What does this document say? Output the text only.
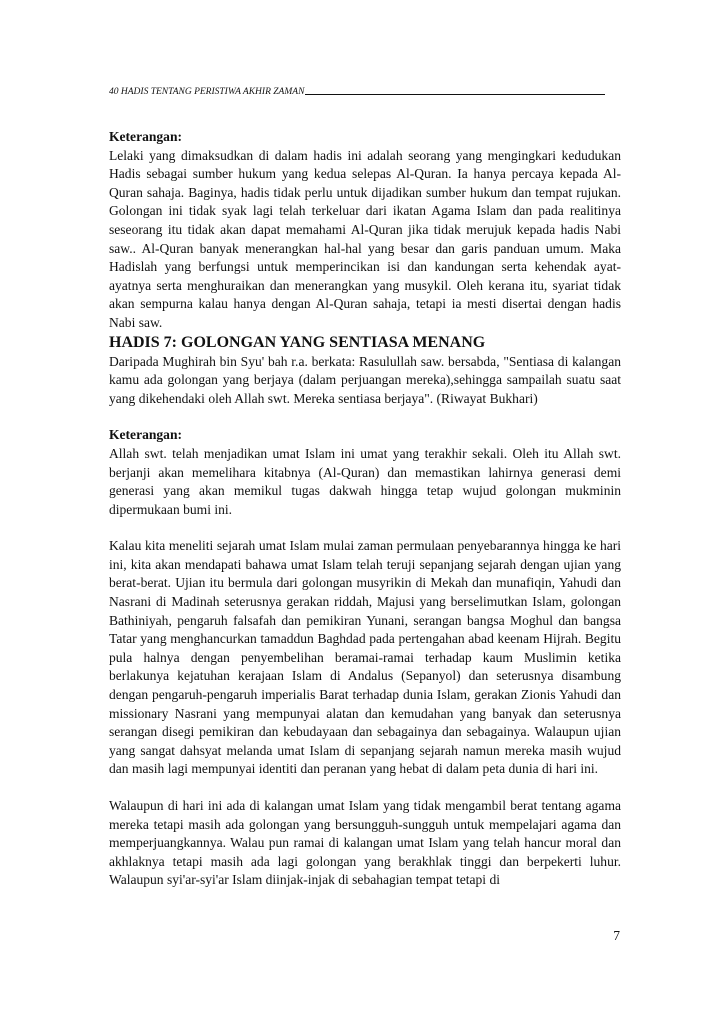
40 HADIS TENTANG PERISTIWA AKHIR ZAMAN

Keterangan:

Lelaki yang dimaksudkan di dalam hadis ini adalah seorang yang mengingkari kedudukan Hadis sebagai sumber hukum yang kedua selepas Al-Quran. Ia hanya percaya kepada Al-Quran sahaja. Baginya, hadis tidak perlu untuk dijadikan sumber hukum dan tempat rujukan. Golongan ini tidak syak lagi telah terkeluar dari ikatan Agama Islam dan pada realitinya seseorang itu tidak akan dapat memahami Al-Quran jika tidak merujuk kepada hadis Nabi saw.. Al-Quran banyak menerangkan hal-hal yang besar dan garis panduan umum. Maka Hadislah yang berfungsi untuk memperincikan isi dan kandungan serta kehendak ayat-ayatnya serta menghuraikan dan menerangkan yang musykil. Oleh kerana itu, syariat tidak akan sempurna kalau hanya dengan Al-Quran sahaja, tetapi ia mesti disertai dengan hadis Nabi saw.

HADIS 7: GOLONGAN YANG SENTIASA MENANG

Daripada Mughirah bin Syu' bah r.a. berkata: Rasulullah saw. bersabda, "Sentiasa di kalangan kamu ada golongan yang berjaya (dalam perjuangan mereka),sehingga sampailah suatu saat yang dikehendaki oleh Allah swt. Mereka sentiasa berjaya". (Riwayat Bukhari)

Keterangan:

Allah swt. telah menjadikan umat Islam ini umat yang terakhir sekali. Oleh itu Allah swt. berjanji akan memelihara kitabnya (Al-Quran) dan memastikan lahirnya generasi demi generasi yang akan memikul tugas dakwah hingga tetap wujud golongan mukminin dipermukaan bumi ini.

Kalau kita meneliti sejarah umat Islam mulai zaman permulaan penyebarannya hingga ke hari ini, kita akan mendapati bahawa umat Islam telah teruji sepanjang sejarah dengan ujian yang berat-berat. Ujian itu bermula dari golongan musyrikin di Mekah dan munafiqin, Yahudi dan Nasrani di Madinah seterusnya gerakan riddah, Majusi yang berselimutkan Islam, golongan Bathiniyah, pengaruh falsafah dan pemikiran Yunani, serangan bangsa Moghul dan bangsa Tatar yang menghancurkan tamaddun Baghdad pada pertengahan abad keenam Hijrah. Begitu pula halnya dengan penyembelihan beramai-ramai terhadap kaum Muslimin ketika berlakunya kejatuhan kerajaan Islam di Andalus (Sepanyol) dan seterusnya disambung dengan pengaruh-pengaruh imperialis Barat terhadap dunia Islam, gerakan Zionis Yahudi dan missionary Nasrani yang mempunyai alatan dan kemudahan yang banyak dan seterusnya serangan disegi pemikiran dan kebudayaan dan sebagainya dan sebagainya. Walaupun ujian yang sangat dahsyat melanda umat Islam di sepanjang sejarah namun mereka masih wujud dan masih lagi mempunyai identiti dan peranan yang hebat di dalam peta dunia di hari ini.

Walaupun di hari ini ada di kalangan umat Islam yang tidak mengambil berat tentang agama mereka tetapi masih ada golongan yang bersungguh-sungguh untuk mempelajari agama dan memperjuangkannya. Walau pun ramai di kalangan umat Islam yang telah hancur moral dan akhlaknya tetapi masih ada lagi golongan yang berakhlak tinggi dan berpekerti luhur. Walaupun syi'ar-syi'ar Islam diinjak-injak di sebahagian tempat tetapi di

7
